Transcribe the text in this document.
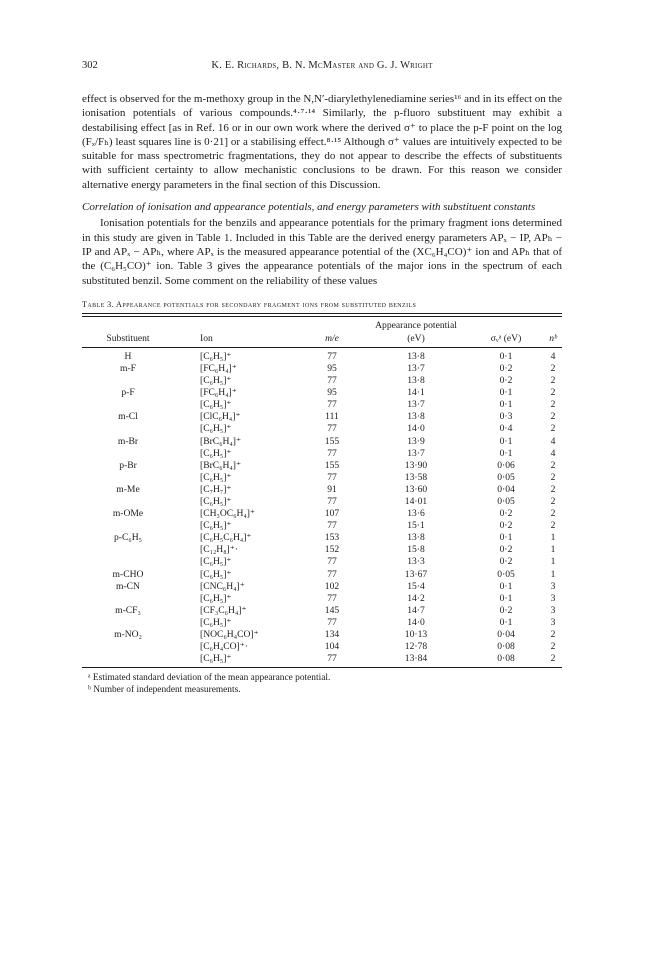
302	K. E. Richards, B. N. McMaster and G. J. Wright

effect is observed for the m-methoxy group in the N,N′-diarylethylenediamine series¹⁶ and in its effect on the ionisation potentials of various compounds.⁴·⁷·¹⁴ Similarly, the p-fluoro substituent may exhibit a destabilising effect [as in Ref. 16 or in our own work where the derived σ⁺ to place the p-F point on the log (Fₓ/Fₕ) least squares line is 0·21] or a stabilising effect.⁸·¹⁵ Although σ⁺ values are intuitively expected to be suitable for mass spectrometric fragmentations, they do not appear to describe the effects of substituents with sufficient certainty to allow mechanistic conclusions to be drawn. For this reason we consider alternative energy parameters in the final section of this Discussion.

Correlation of ionisation and appearance potentials, and energy parameters with substituent constants

Ionisation potentials for the benzils and appearance potentials for the primary fragment ions determined in this study are given in Table 1. Included in this Table are the derived energy parameters APₓ − IP, APₕ − IP and APₓ − APₕ, where APₓ is the measured appearance potential of the (XC₆H₄CO)⁺ ion and APₕ that of the (C₆H₅CO)⁺ ion. Table 3 gives the appearance potentials of the major ions in the spectrum of each substituted benzil. Some comment on the reliability of these values

Table 3. Appearance potentials for secondary fragment ions from substituted benzils
			Appearance potential		
Substituent	Ion	m/e	(eV)	σᵥᵃ (eV)	nᵇ

H	[C₆H₅]⁺	77	13·8	0·1	4
m-F	[FC₆H₄]⁺	95	13·7	0·2	2
	[C₆H₅]⁺	77	13·8	0·2	2
p-F	[FC₆H₄]⁺	95	14·1	0·1	2
	[C₆H₅]⁺	77	13·7	0·1	2
m-Cl	[ClC₆H₄]⁺	111	13·8	0·3	2
	[C₆H₅]⁺	77	14·0	0·4	2
m-Br	[BrC₆H₄]⁺	155	13·9	0·1	4
	[C₆H₅]⁺	77	13·7	0·1	4
p-Br	[BrC₆H₄]⁺	155	13·90	0·06	2
	[C₆H₅]⁺	77	13·58	0·05	2
m-Me	[C₇H₇]⁺	91	13·60	0·04	2
	[C₆H₅]⁺	77	14·01	0·05	2
m-OMe	[CH₃OC₆H₄]⁺	107	13·6	0·2	2
	[C₆H₅]⁺	77	15·1	0·2	2
p-C₆H₅	[C₆H₅C₆H₄]⁺	153	13·8	0·1	1
	[C₁₂H₈]⁺·	152	15·8	0·2	1
	[C₆H₅]⁺	77	13·3	0·2	1
m-CHO	[C₆H₅]⁺	77	13·67	0·05	1
m-CN	[CNC₆H₄]⁺	102	15·4	0·1	3
	[C₆H₅]⁺	77	14·2	0·1	3
m-CF₃	[CF₃C₆H₄]⁺	145	14·7	0·2	3
	[C₆H₅]⁺	77	14·0	0·1	3
m-NO₂	[NOC₆H₄CO]⁺	134	10·13	0·04	2
	[C₆H₄CO]⁺·	104	12·78	0·08	2
	[C₆H₅]⁺	77	13·84	0·08	2
ᵃ Estimated standard deviation of the mean appearance potential.
ᵇ Number of independent measurements.
